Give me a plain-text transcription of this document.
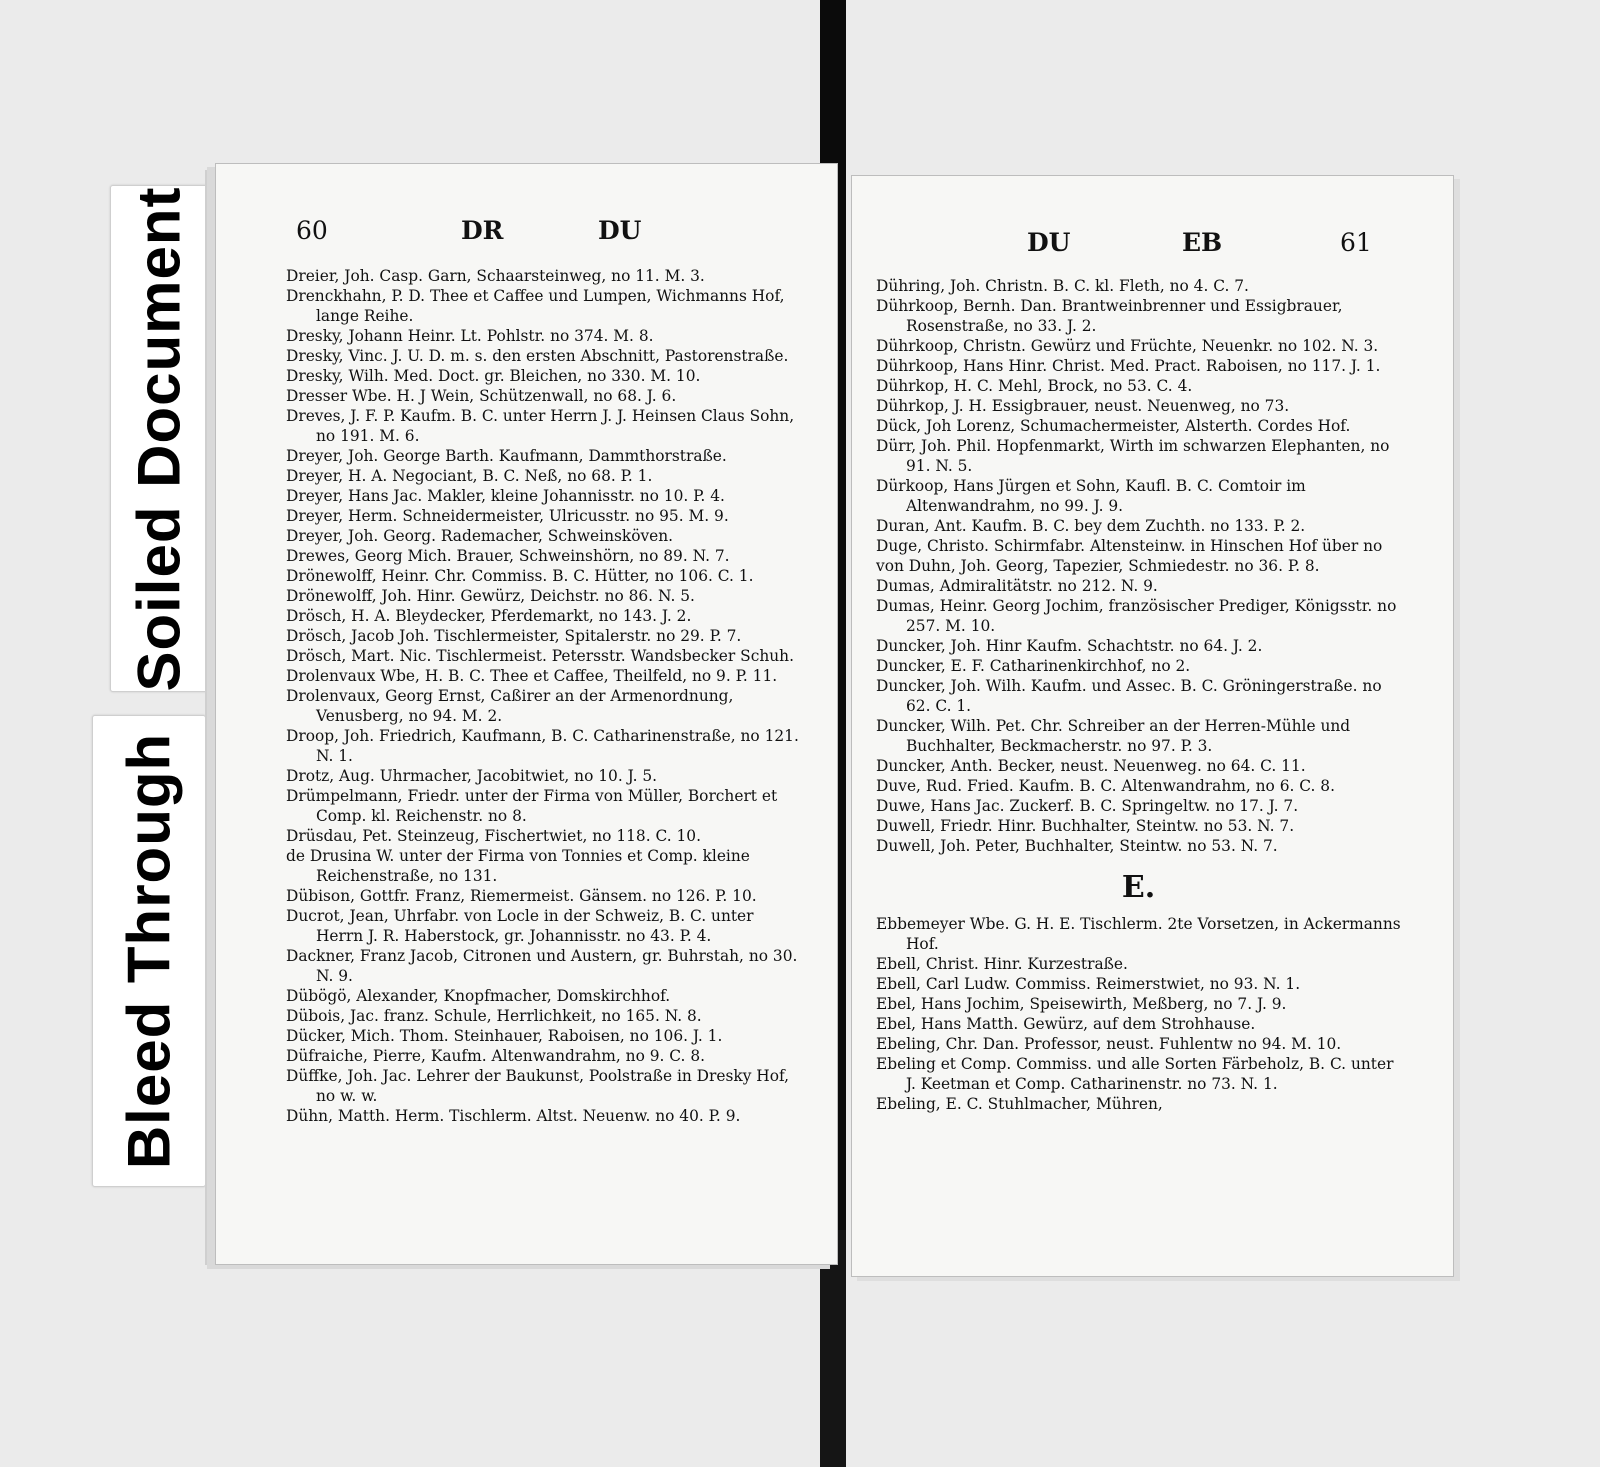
Soiled Document
Bleed Through
60	DR	DU

Dreier, Joh. Casp. Garn, Schaarsteinweg, no 11. M. 3.

Drenckhahn, P. D. Thee et Caffee und Lumpen, Wichmanns Hof, lange Reihe.

Dresky, Johann Heinr. Lt. Pohlstr. no 374. M. 8.

Dresky, Vinc. J. U. D. m. s. den ersten Abschnitt, Pastorenstraße.

Dresky, Wilh. Med. Doct. gr. Bleichen, no 330. M. 10.

Dresser Wbe. H. J Wein, Schützenwall, no 68. J. 6.

Dreves, J. F. P. Kaufm. B. C. unter Herrn J. J. Heinsen Claus Sohn, no 191. M. 6.

Dreyer, Joh. George Barth. Kaufmann, Dammthorstraße.

Dreyer, H. A. Negociant, B. C. Neß, no 68. P. 1.

Dreyer, Hans Jac. Makler, kleine Johannisstr. no 10. P. 4.

Dreyer, Herm. Schneidermeister, Ulricusstr. no 95. M. 9.

Dreyer, Joh. Georg. Rademacher, Schweinsköven.

Drewes, Georg Mich. Brauer, Schweinshörn, no 89. N. 7.

Drönewolff, Heinr. Chr. Commiss. B. C. Hütter, no 106. C. 1.

Drönewolff, Joh. Hinr. Gewürz, Deichstr. no 86. N. 5.

Drösch, H. A. Bleydecker, Pferdemarkt, no 143. J. 2.

Drösch, Jacob Joh. Tischlermeister, Spitalerstr. no 29. P. 7.

Drösch, Mart. Nic. Tischlermeist. Petersstr. Wandsbecker Schuh.

Drolenvaux Wbe, H. B. C. Thee et Caffee, Theilfeld, no 9. P. 11.

Drolenvaux, Georg Ernst, Caßirer an der Armenordnung, Venusberg, no 94. M. 2.

Droop, Joh. Friedrich, Kaufmann, B. C. Catharinenstraße, no 121. N. 1.

Drotz, Aug. Uhrmacher, Jacobitwiet, no 10. J. 5.

Drümpelmann, Friedr. unter der Firma von Müller, Borchert et Comp. kl. Reichenstr. no 8.

Drüsdau, Pet. Steinzeug, Fischertwiet, no 118. C. 10.

de Drusina W. unter der Firma von Tonnies et Comp. kleine Reichenstraße, no 131.

Dübison, Gottfr. Franz, Riemermeist. Gänsem. no 126. P. 10.

Ducrot, Jean, Uhrfabr. von Locle in der Schweiz, B. C. unter Herrn J. R. Haberstock, gr. Johannisstr. no 43. P. 4.

Dackner, Franz Jacob, Citronen und Austern, gr. Buhrstah, no 30. N. 9.

Dübögö, Alexander, Knopfmacher, Domskirchhof.

Dübois, Jac. franz. Schule, Herrlichkeit, no 165. N. 8.

Dücker, Mich. Thom. Steinhauer, Raboisen, no 106. J. 1.

Düfraiche, Pierre, Kaufm. Altenwandrahm, no 9. C. 8.

Düffke, Joh. Jac. Lehrer der Baukunst, Poolstraße in Dresky Hof, no w. w.

Dühn, Matth. Herm. Tischlerm. Altst. Neuenw. no 40. P. 9.

DU	EB	61

Dühring, Joh. Christn. B. C. kl. Fleth, no 4. C. 7.

Dührkoop, Bernh. Dan. Brantweinbrenner und Essigbrauer, Rosenstraße, no 33. J. 2.

Dührkoop, Christn. Gewürz und Früchte, Neuenkr. no 102. N. 3.

Dührkoop, Hans Hinr. Christ. Med. Pract. Raboisen, no 117. J. 1.

Dührkop, H. C. Mehl, Brock, no 53. C. 4.

Dührkop, J. H. Essigbrauer, neust. Neuenweg, no 73.

Dück, Joh Lorenz, Schumachermeister, Alsterth. Cordes Hof.

Dürr, Joh. Phil. Hopfenmarkt, Wirth im schwarzen Elephanten, no 91. N. 5.

Dürkoop, Hans Jürgen et Sohn, Kaufl. B. C. Comtoir im Altenwandrahm, no 99. J. 9.

Duran, Ant. Kaufm. B. C. bey dem Zuchth. no 133. P. 2.

Duge, Christo. Schirmfabr. Altensteinw. in Hinschen Hof über no

von Duhn, Joh. Georg, Tapezier, Schmiedestr. no 36. P. 8.

Dumas, Admiralitätstr. no 212. N. 9.

Dumas, Heinr. Georg Jochim, französischer Prediger, Königsstr. no 257. M. 10.

Duncker, Joh. Hinr Kaufm. Schachtstr. no 64. J. 2.

Duncker, E. F. Catharinenkirchhof, no 2.

Duncker, Joh. Wilh. Kaufm. und Assec. B. C. Gröningerstraße. no 62. C. 1.

Duncker, Wilh. Pet. Chr. Schreiber an der Herren-Mühle und Buchhalter, Beckmacherstr. no 97. P. 3.

Duncker, Anth. Becker, neust. Neuenweg. no 64. C. 11.

Duve, Rud. Fried. Kaufm. B. C. Altenwandrahm, no 6. C. 8.

Duwe, Hans Jac. Zuckerf. B. C. Springeltw. no 17. J. 7.

Duwell, Friedr. Hinr. Buchhalter, Steintw. no 53. N. 7.

Duwell, Joh. Peter, Buchhalter, Steintw. no 53. N. 7.

E.

Ebbemeyer Wbe. G. H. E. Tischlerm. 2te Vorsetzen, in Ackermanns Hof.

Ebell, Christ. Hinr. Kurzestraße.

Ebell, Carl Ludw. Commiss. Reimerstwiet, no 93. N. 1.

Ebel, Hans Jochim, Speisewirth, Meßberg, no 7. J. 9.

Ebel, Hans Matth. Gewürz, auf dem Strohhause.

Ebeling, Chr. Dan. Professor, neust. Fuhlentw no 94. M. 10.

Ebeling et Comp. Commiss. und alle Sorten Färbeholz, B. C. unter J. Keetman et Comp. Catharinenstr. no 73. N. 1.

Ebeling, E. C. Stuhlmacher, Mühren,
